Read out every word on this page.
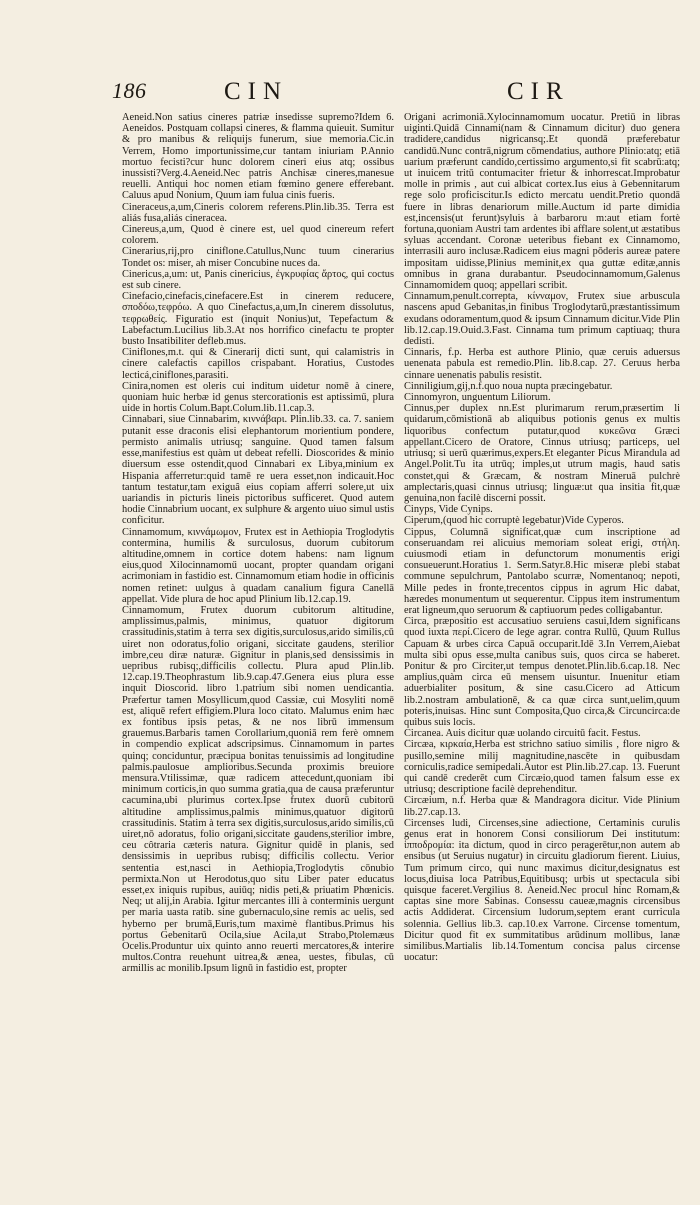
186	CIN	CIR

Aeneid.Non satius cineres patriæ insedisse supremo?Idem 6. Aeneidos. Postquam collapsi cineres, & flamma quieuit. Sumitur & pro manibus & reliquijs funerum, siue memoria.Cic.in Verrem, Homo importunissime,cur tantam iniuriam P.Annio mortuo fecisti?cur hunc dolorem cineri eius atq; ossibus inussisti?Verg.4.Aeneid.Nec patris Anchisæ cineres,manesue reuelli. Antiqui hoc nomen etiam fœmino genere efferebant. Caluus apud Nonium, Quum iam fulua cinis fueris.

Cineraceus,a,um,Cineris colorem referens.Plin.lib.35. Terra est aliás fusa,aliás cineracea.

Cinereus,a,um, Quod è cinere est, uel quod cinereum refert colorem.

Cinerarius,rij,pro ciniflone.Catullus,Nunc tuum cinerarius Tondet os: miser, ah miser Concubine nuces da.

Cinericus,a,um: ut, Panis cinericius, ἐγκρυφίας ἄρτος, qui coctus est sub cinere.

Cinefacio,cinefacis,cinefacere.Est in cinerem reducere, σποδόω,τεφρόω. A quo Cinefactus,a,um,In cinerem dissolutus, τεφρωθείς. Figuratio est (inquit Nonius)ut, Tepefactum & Labefactum.Lucilius lib.3.At nos horrifico cinefactu te propter busto Insatibiliter defleb.mus.

Ciniflones,m.t. qui & Cinerarij dicti sunt, qui calamistris in cinere calefactis capillos crispabant. Horatius, Custodes lecticá,ciniflones,parasiti.

Cinira,nomen est oleris cui inditum uidetur nomē à cinere, quoniam huic herbæ id genus stercorationis est aptissimű, plura uide in hortis Colum.Bapt.Colum.lib.11.cap.3.

Cinnabari, siue Cinnabarim, κιννάβαρι. Plin.lib.33. ca. 7. saniem putanit esse draconis elisi elephantorum morientium pondere, permisto animalis utriusq; sanguine. Quod tamen falsum esse,manifestius est quàm ut debeat refelli. Dioscorides & minio diuersum esse ostendit,quod Cinnabari ex Libya,minium ex Hispania afferretur:quid tamē re uera esset,non indicauit.Hoc tantum testatur,tam exiguâ eius copiam afferri solere,ut uix uariandis in picturis lineis pictoribus sufficeret. Quod autem hodie Cinnabrium uocant, ex sulphure & argento uiuo simul ustis conficitur.

Cinnamomum, κιννάμωμον, Frutex est in Aethiopia Troglodytis contermina, humilis & surculosus, duorum cubitorum altitudine,omnem in cortice dotem habens: nam lignum eius,quod Xilocinnamomű uocant, propter quandam origani acrimoniam in fastidio est. Cinnamomum etiam hodie in officinis nomen retinet: uulgus à quadam canalium figura Canellā appellat. Vide plura de hoc apud Plinium lib.12.cap.19.

Cinnamomum, Frutex duorum cubitorum altitudine, amplissimus,palmis, minimus, quatuor digitorum crassitudinis,statim à terra sex digitis,surculosus,arido similis,cū uiret non odoratus,folio origani, siccitate gaudens, sterilior imbre,ceu diræ naturæ. Gignitur in planis,sed densissimis in uepribus rubisq;,difficilis collectu. Plura apud Plin.lib. 12.cap.19.Theophrastum lib.9.cap.47.Genera eius plura esse inquit Dioscorid. libro 1.patrium sibi nomen uendicantia. Præfertur tamen Mosyllicum,quod Cassiæ, cui Mosyliti nomē est, aliquē refert effigiem.Plura loco citato. Malumus enim hæc ex fontibus ipsis petas, & ne nos librū immensum grauemus.Barbaris tamen Corollarium,quoniā rem ferè omnem in compendio explicat adscripsimus. Cinnamomum in partes quinq; conciduntur, præcipua bonitas tenuissimis ad longitudine palmis.paulosue amplioribus.Secunda proximis breuiore mensura.Vtilissimæ, quæ radicem attecedunt,quoniam ibi minimum corticis,in quo summa gratia,qua de causa præferuntur cacumina,ubi plurimus cortex.Ipse frutex duorū cubitorū altitudine amplissimus,palmis minimus,quatuor digitorū crassitudinis. Statim à terra sex digitis,surculosus,arido similis,cū uiret,nō adoratus, folio origani,siccitate gaudens,sterilior imbre, ceu côtraria cæteris natura. Gignitur quidē in planis, sed densissimis in uepribus rubisq; difficilis collectu. Verior sententia est,nasci in Aethiopia,Troglodytis cōnubio permixta.Non ut Herodotus,quo situ Liber pater educatus esset,ex iniquis rupibus, auiūq; nidis peti,& priuatim Phœnicis. Neq; ut alij,in Arabia. Igitur mercantes illi à conterminis uergunt per maria uasta ratib. sine gubernaculo,sine remis ac uelis, sed hyberno per brumā,Euris,tum maximè flantibus.Primus his portus Gebenitarū Ocila,siue Acila,ut Strabo,Ptolemæus Ocelis.Produntur uix quinto anno reuerti mercatores,& interire multos.Contra reuehunt uitrea,& ænea, uestes, fibulas, cū armillis ac monilib.Ipsum lignū in fastidio est, propter

Origani acrimoniā.Xylocinnamomum uocatur. Pretiū in libras uiginti.Quidā Cinnami(nam & Cinnamum dicitur) duo genera tradidere,candidus nigricansq;.Et quondā præferebatur candidū.Nunc contrā,nigrum cōmendatius, authore Plinio:atq; etiā uarium præferunt candido,certissimo argumento,si fit scabrū:atq; ut inuicem tritū contumaciter frietur & inhorrescat.Improbatur molle in primis , aut cui albicat cortex.Ius eius à Gebennitarum rege solo proficiscitur.Is edicto mercatu uendit.Pretio quondā fuere in libras denariorum mille.Auctum id parte dimidia est,incensis(ut ferunt)syluis à barbaroru m:aut etiam fortè fortuna,quoniam Austri tam ardentes ibi afflare solent,ut æstatibus syluas accendant. Coronæ ueteribus fiebant ex Cinnamomo, interrasili auro inclusæ.Radicem eius magni pōderis aureæ patere impositam uidisse,Plinius meminit,ex qua guttæ editæ,annis omnibus in grana durabantur. Pseudocinnamomum,Galenus Cinnamomidem quoq; appellari scribit.

Cinnamum,penult.correpta, κίνναμον, Frutex siue arbuscula nascens apud Gebanitas,in finibus Troglodytarū,præstantissimum exudans odoramentum,quod & ipsum Cinnamum dicitur.Vide Plin lib.12.cap.19.Ouid.3.Fast. Cinnama tum primum captiuaq; thura dedisti.

Cinnaris, f.p. Herba est authore Plinio, quæ ceruis aduersus uenenata pabula est remedio.Plin. lib.8.cap. 27. Ceruus herba cinnare uenenatis pabulis resistit.

Cinniligium,gij,n.f.quo noua nupta præcingebatur.

Cinnomyron, unguentum Liliorum.

Cinnus,per duplex nn.Est plurimarum rerum,præsertim li quidarum,cōmistionā ab aliquibus potionis genus ex multis liquoribus confectum putatur,quod κυκεῶνα Græci appellant.Cicero de Oratore, Cinnus utriusq; particeps, uel utriusq; si uerū quærimus,expers.Et eleganter Picus Mirandula ad Angel.Polit.Tu ita utrūq; imples,ut utrum magis, haud satis constet,qui & Græcam, & nostram Mineruā pulchrè amplectaris,quasi cinnus utriusq; linguæ:ut qua insitia fit,quæ genuina,non facilè discerni possit.

Cinyps, Vide Cynips.

Ciperum,(quod hic corruptè legebatur)Vide Cyperos.

Cippus, Columnā significat,quæ cum inscriptione ad conseruandam rei alicuius memoriam soleat erigi, στήλη. cuiusmodi etiam in defunctorum monumentis erigi consueuerunt.Horatius 1. Serm.Satyr.8.Hic miseræ plebi stabat commune sepulchrum, Pantolabo scurræ, Nomentanoq; nepoti, Mille pedes in fronte,trecentos cippus in agrum Hic dabat, hæredes monumentum ut sequerentur. Cippus item instrumentum erat ligneum,quo seruorum & captiuorum pedes colligabantur.

Circa, præpositio est accusatiuo seruiens casui,Idem significans quod iuxta περί.Cicero de lege agrar. contra Rullū, Quum Rullus Capuam & urbes circa Capuā occuparit.Idē 3.In Verrem,Aiebat multa sibi opus esse,multa canibus suis, quos circa se haberet. Ponitur & pro Circiter,ut tempus denotet.Plin.lib.6.cap.18. Nec amplius,quàm circa eū mensem uisuntur. Inuenitur etiam aduerbialiter positum, & sine casu.Cicero ad Atticum lib.2.nostram ambulationē, & ca quæ circa sunt,uelim,quum poteris,inuisas. Hinc sunt Composita,Quo circa,& Circuncirca:de quibus suis locis.

Circanea. Auis dicitur quæ uolando circuitū facit. Festus.

Circæa, κιρκαία,Herba est strichno satiuo similis , flore nigro & pusillo,semine milij magnitudine,nascēte in quibusdam corniculis,radice semipedali.Autor est Plin.lib.27.cap. 13. Fuerunt qui candē crederēt cum Circæio,quod tamen falsum esse ex utriusq; descriptione facilè deprehenditur.

Circæium, n.f. Herba quæ & Mandragora dicitur. Vide Plinium lib.27.cap.13.

Circenses ludi, Circenses,sine adiectione, Certaminis curulis genus erat in honorem Consi consiliorum Dei institutum: ἱπποδρομία: ita dictum, quod in circo peragerētur,non autem ab ensibus (ut Seruius nugatur) in circuitu gladiorum fierent. Liuius, Tum primum circo, qui nunc maximus dicitur,designatus est locus,diuisa loca Patribus,Equitibusq; urbis ut spectacula sibi quisque faceret.Vergilius 8. Aeneid.Nec procul hinc Romam,& captas sine more Sabinas. Consessu caueæ,magnis circensibus actis Addiderat. Circensium ludorum,septem erant curricula solennia. Gellius lib.3. cap.10.ex Varrone. Circense tomentum, Dicitur quod fit ex summitatibus arūdinum mollibus, lanæ similibus.Martialis lib.14.Tomentum concisa palus circense uocatur:
